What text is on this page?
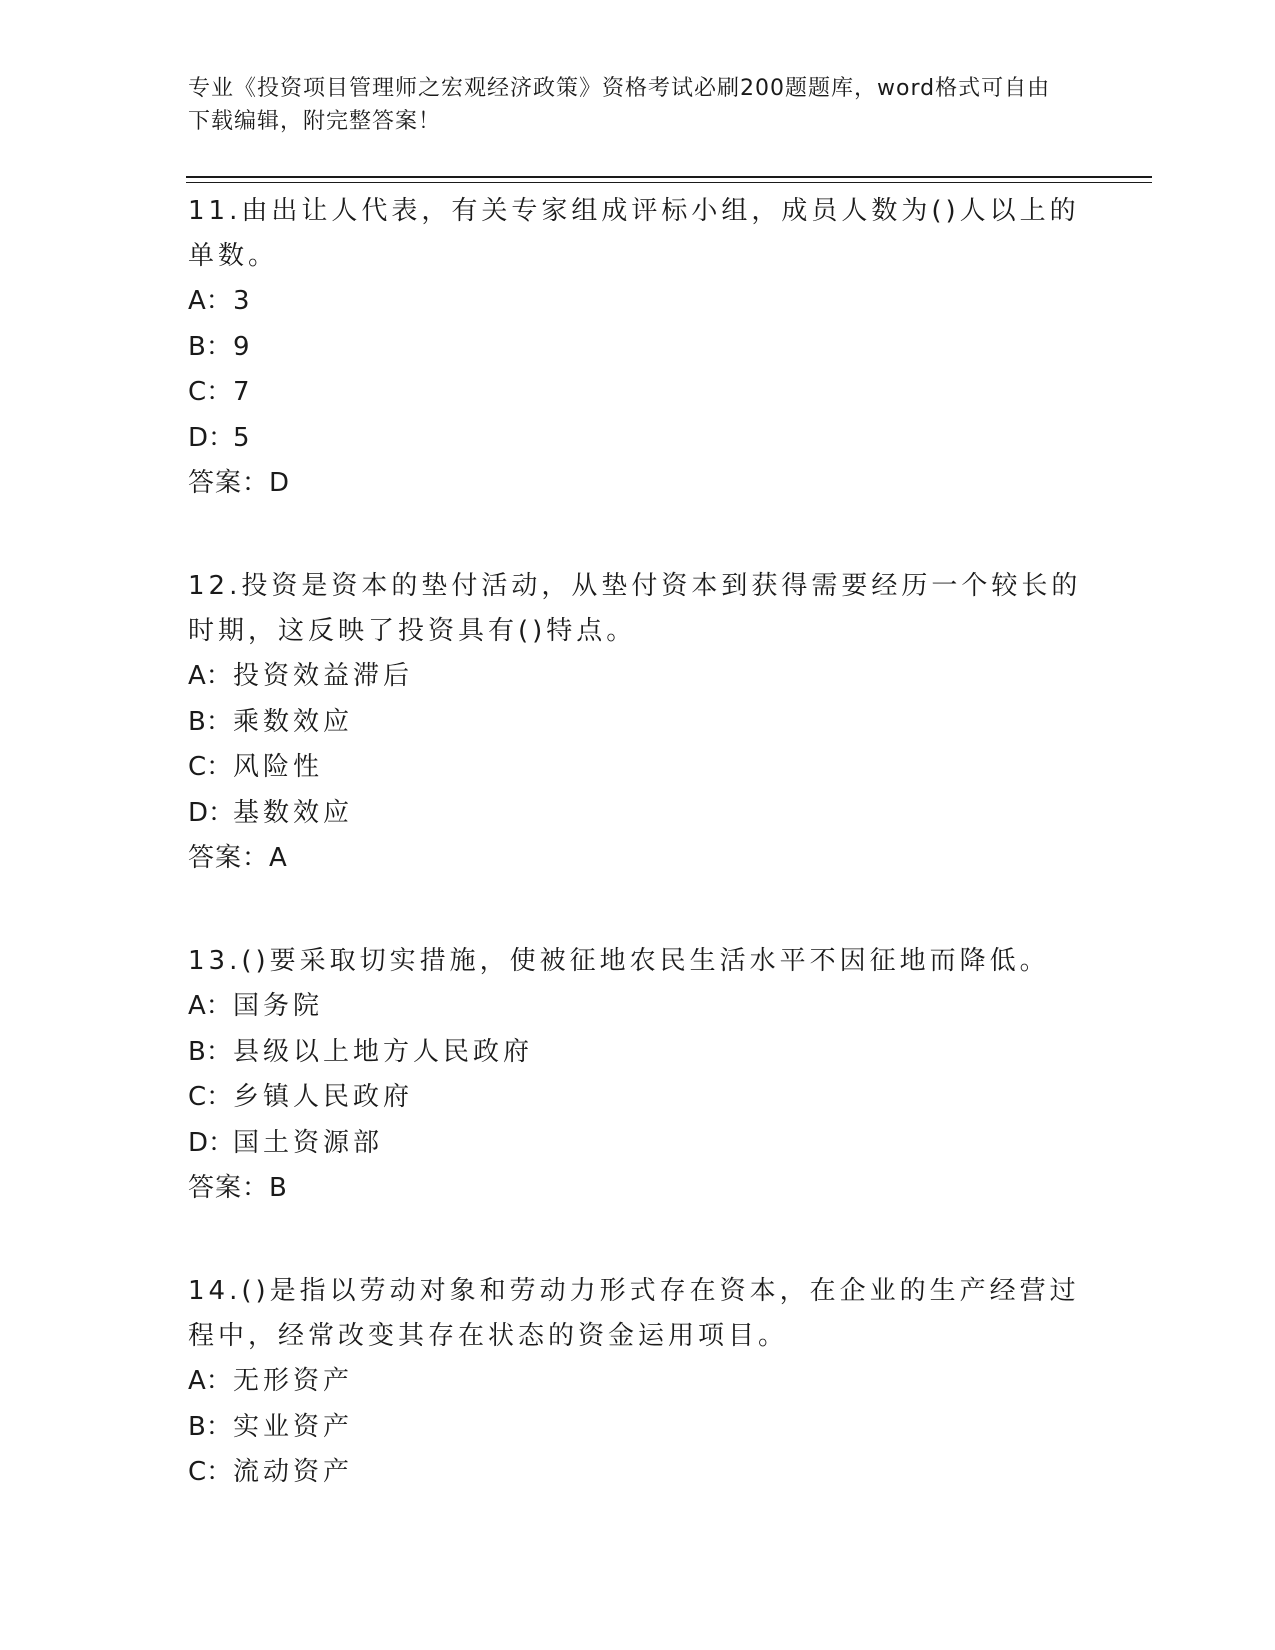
专业《投资项目管理师之宏观经济政策》资格考试必刷200题题库，word格式可自由下载编辑，附完整答案！

11.由出让人代表，有关专家组成评标小组，成员人数为()人以上的单数。

A：3

B：9

C：7

D：5

答案：D

12.投资是资本的垫付活动，从垫付资本到获得需要经历一个较长的时期，这反映了投资具有()特点。

A：投资效益滞后

B：乘数效应

C：风险性

D：基数效应

答案：A

13.()要采取切实措施，使被征地农民生活水平不因征地而降低。

A：国务院

B：县级以上地方人民政府

C：乡镇人民政府

D：国土资源部

答案：B

14.()是指以劳动对象和劳动力形式存在资本，在企业的生产经营过程中，经常改变其存在状态的资金运用项目。

A：无形资产

B：实业资产

C：流动资产
